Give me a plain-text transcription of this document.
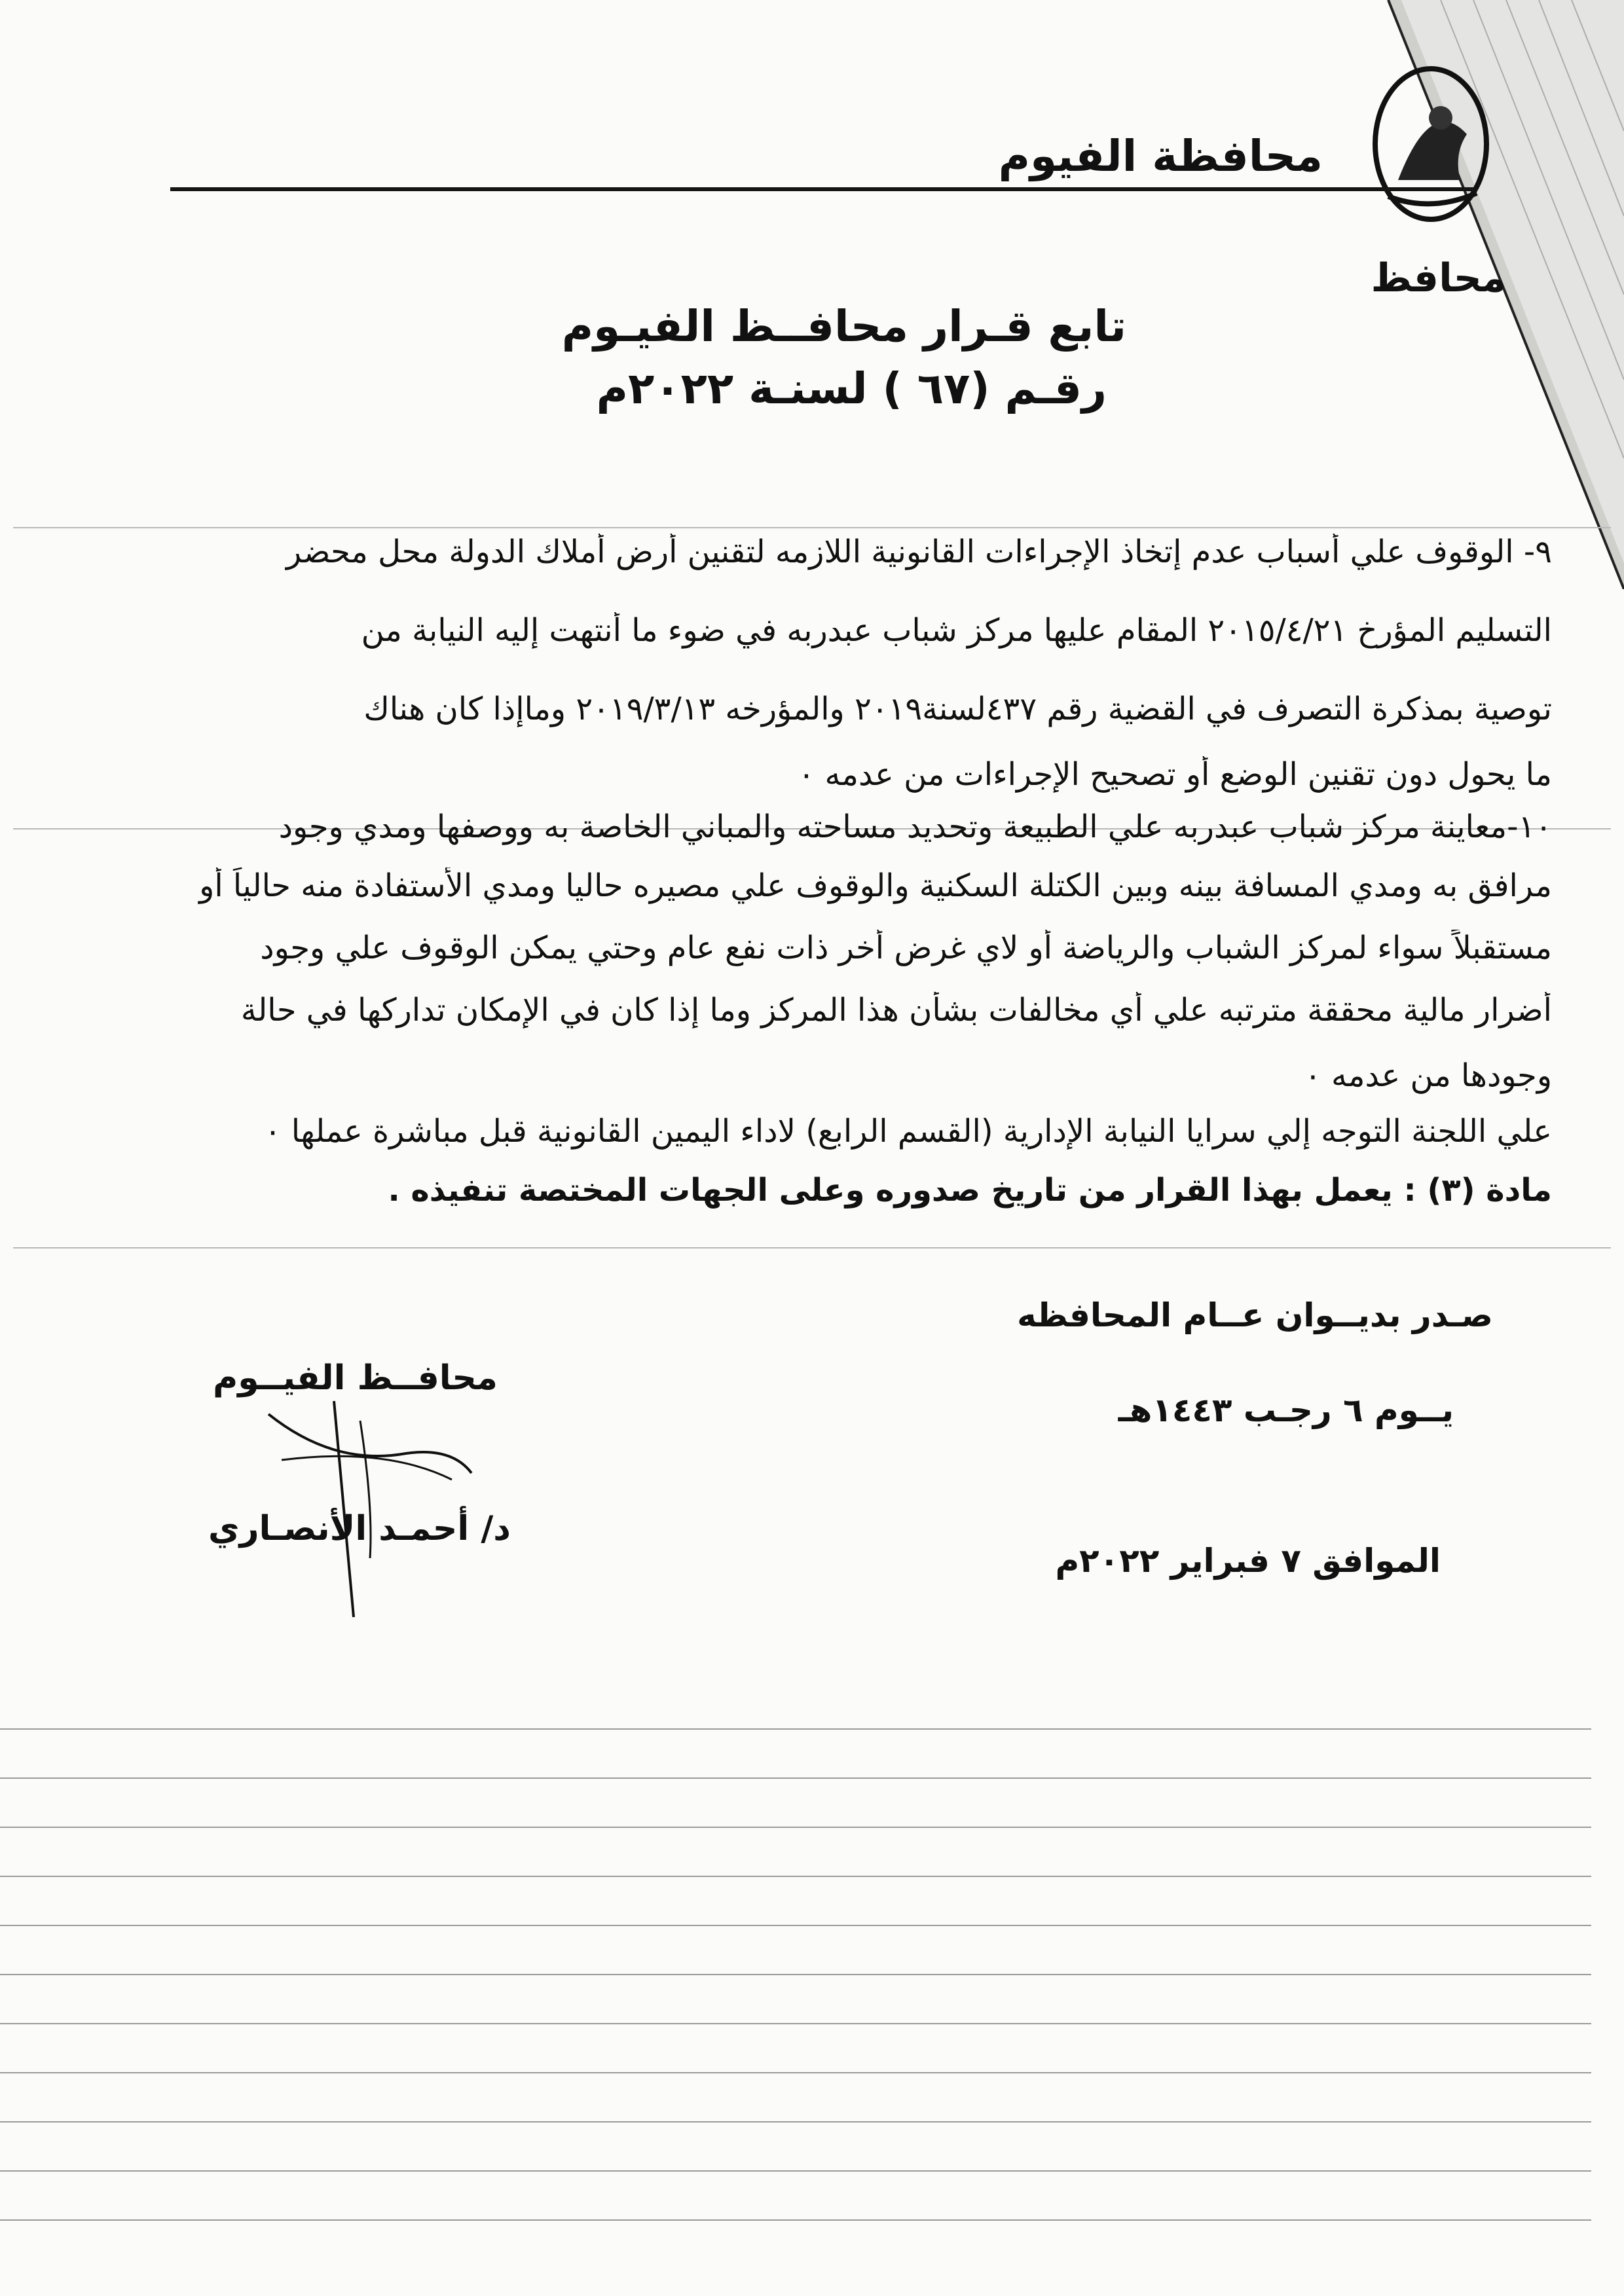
محافظة الفيوم
محافظ
تابع قـرار محافــظ الفيـوم
رقـم (٦٧ ) لسنـة ٢٠٢٢م
٩- الوقوف علي أسباب عدم إتخاذ الإجراءات القانونية اللازمه لتقنين أرض أملاك الدولة محل محضر
التسليم المؤرخ ٢٠١٥/٤/٢١ المقام عليها مركز شباب عبدربه في ضوء ما أنتهت إليه النيابة من
توصية بمذكرة التصرف في القضية رقم ٤٣٧لسنة٢٠١٩ والمؤرخه ٢٠١٩/٣/١٣ وماإذا كان هناك
ما يحول دون تقنين الوضع أو تصحيح الإجراءات من عدمه ٠
١٠-معاينة مركز شباب عبدربه علي الطبيعة وتحديد مساحته والمباني الخاصة به ووصفها ومدي وجود
مرافق به ومدي المسافة بينه وبين الكتلة السكنية والوقوف علي مصيره حاليا ومدي الأستفادة منه حالياً أو
مستقبلاً سواء لمركز الشباب والرياضة أو لاي غرض أخر ذات نفع عام وحتي يمكن الوقوف علي وجود
أضرار مالية محققة مترتبه علي أي مخالفات بشأن هذا المركز وما إذا كان في الإمكان تداركها في حالة
وجودها من عدمه ٠
علي اللجنة التوجه إلي سرايا النيابة الإدارية (القسم الرابع) لاداء اليمين القانونية قبل مباشرة عملها ٠
مادة (٣) : يعمل بهذا القرار من تاريخ صدوره وعلى الجهات المختصة تنفيذه .
صـدر بديــوان عــام المحافظه
يــوم ٦ رجـب ١٤٤٣هـ
الموافق ٧ فبراير ٢٠٢٢م
محافــظ الفيــوم
د/ أحمـد الأنصـاري
